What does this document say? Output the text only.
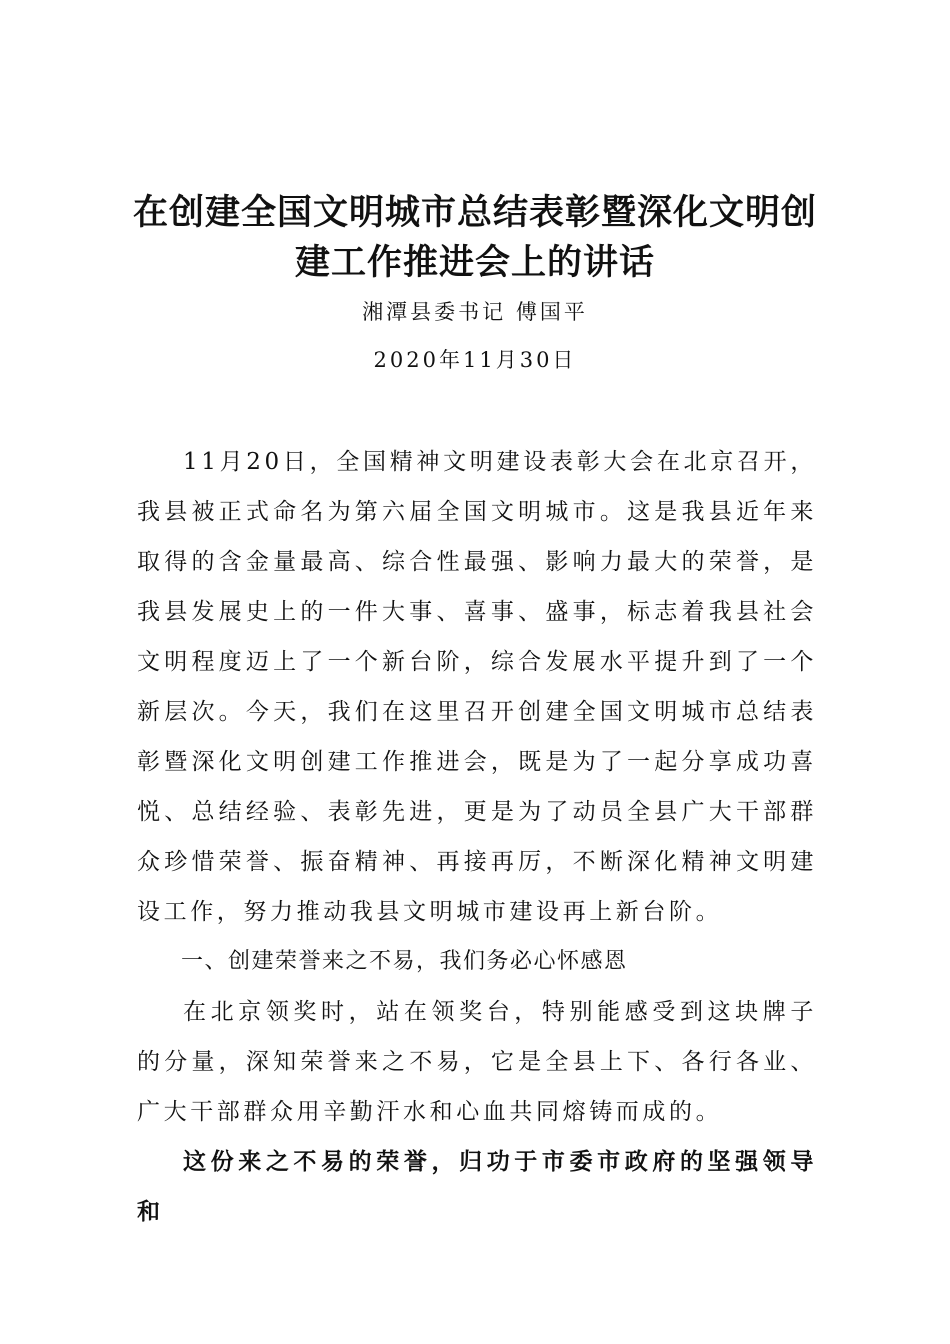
在创建全国文明城市总结表彰暨深化文明创
建工作推进会上的讲话

湘潭县委书记 傅国平

2020年11月30日

11月20日，全国精神文明建设表彰大会在北京召开，我县被正式命名为第六届全国文明城市。这是我县近年来取得的含金量最高、综合性最强、影响力最大的荣誉，是我县发展史上的一件大事、喜事、盛事，标志着我县社会文明程度迈上了一个新台阶，综合发展水平提升到了一个新层次。今天，我们在这里召开创建全国文明城市总结表彰暨深化文明创建工作推进会，既是为了一起分享成功喜悦、总结经验、表彰先进，更是为了动员全县广大干部群众珍惜荣誉、振奋精神、再接再厉，不断深化精神文明建设工作，努力推动我县文明城市建设再上新台阶。

一、创建荣誉来之不易，我们务必心怀感恩

在北京领奖时，站在领奖台，特别能感受到这块牌子的分量，深知荣誉来之不易，它是全县上下、各行各业、广大干部群众用辛勤汗水和心血共同熔铸而成的。

这份来之不易的荣誉，归功于市委市政府的坚强领导和
